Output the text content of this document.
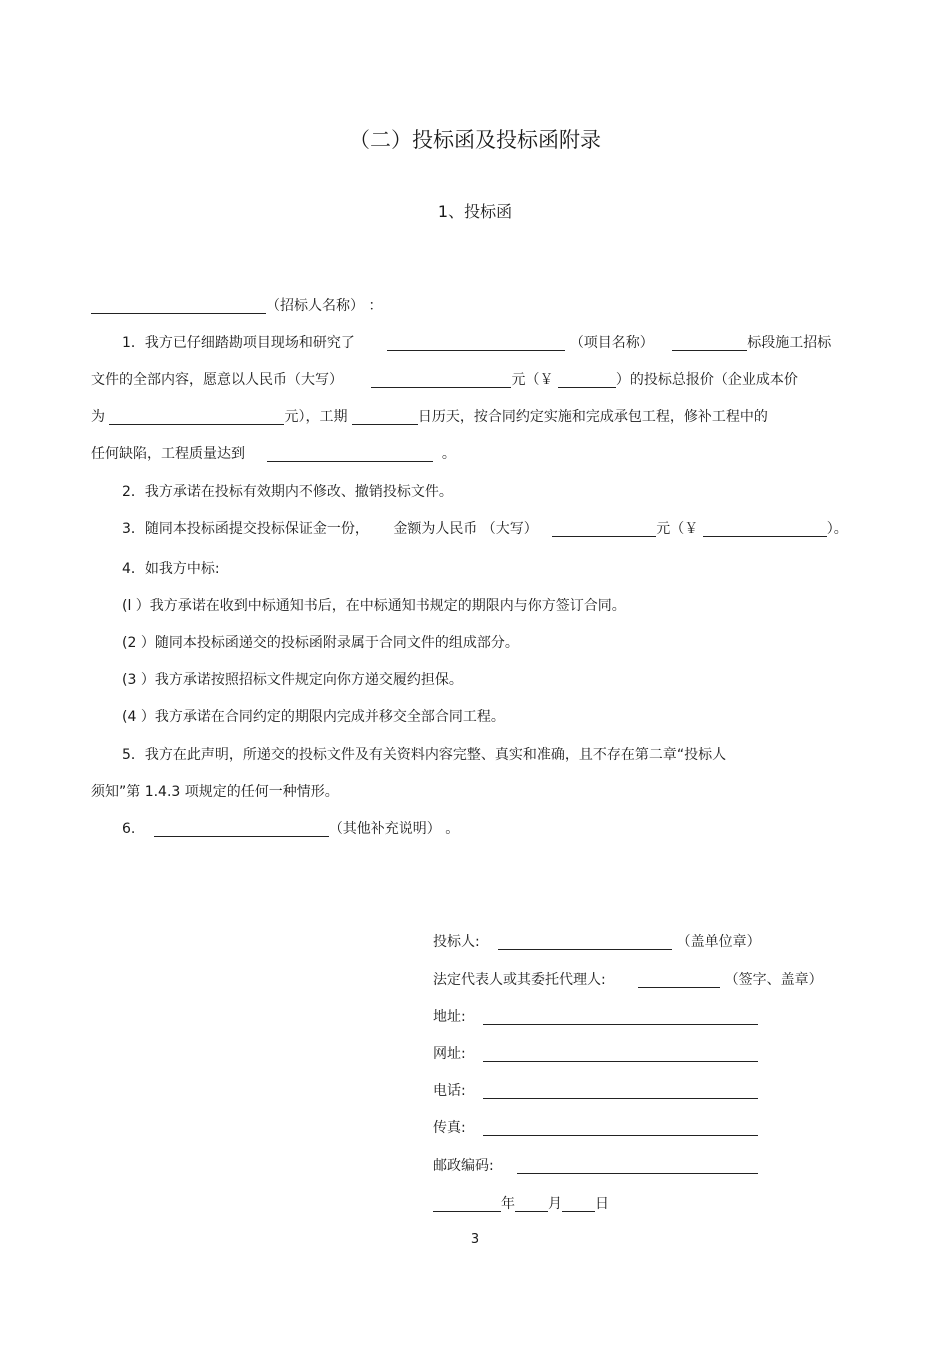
（二）投标函及投标函附录
1、投标函
（招标人名称） ：
1．我方已仔细踏勘项目现场和研究了	（项目名称）	标段施工招标
文件的全部内容，愿意以人民币（大写）	元（￥	）的投标总报价（企业成本价
为	元），工期	日历天，按合同约定实施和完成承包工程，修补工程中的
任何缺陷，工程质量达到	。
2．我方承诺在投标有效期内不修改、撤销投标文件。
3．随同本投标函提交投标保证金一份， 金额为人民币 （大写）	元（￥	）。
4．如我方中标:
(l ）我方承诺在收到中标通知书后，在中标通知书规定的期限内与你方签订合同。
(2 ）随同本投标函递交的投标函附录属于合同文件的组成部分。
(3 ）我方承诺按照招标文件规定向你方递交履约担保。
(4 ）我方承诺在合同约定的期限内完成并移交全部合同工程。
5．我方在此声明，所递交的投标文件及有关资料内容完整、真实和准确，且不存在第二章“投标人
须知”第 1.4.3 项规定的任何一种情形。
6.	（其他补充说明） 。
投标人:	（盖单位章）
法定代表人或其委托代理人:	（签字、盖章）
地址:
网址:
电话:
传真:
邮政编码:
年 月 日
3
